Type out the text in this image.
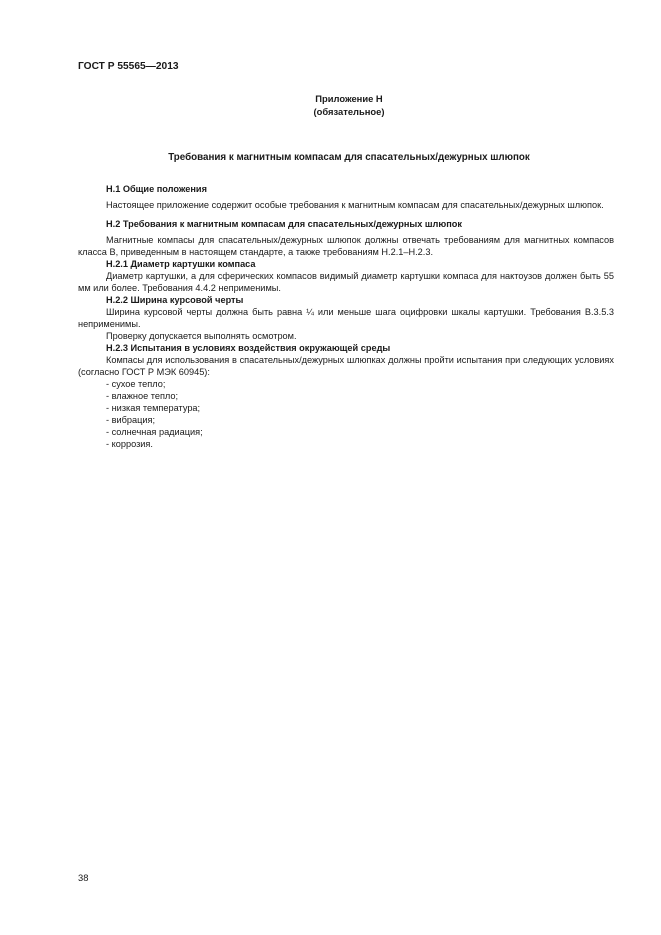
ГОСТ Р 55565—2013
Приложение Н
(обязательное)
Требования к магнитным компасам для спасательных/дежурных шлюпок
Н.1 Общие положения
Настоящее приложение содержит особые требования к магнитным компасам для спасательных/дежурных шлюпок.
Н.2 Требования к магнитным компасам для спасательных/дежурных шлюпок
Магнитные компасы для спасательных/дежурных шлюпок должны отвечать требованиям для магнитных компасов класса В, приведенным в настоящем стандарте, а также требованиям Н.2.1–Н.2.3.
Н.2.1 Диаметр картушки компаса
Диаметр картушки, а для сферических компасов видимый диаметр картушки компаса для нактоузов должен быть 55 мм или более. Требования 4.4.2 неприменимы.
Н.2.2 Ширина курсовой черты
Ширина курсовой черты должна быть равна ¼ или меньше шага оцифровки шкалы картушки. Требования В.3.5.3 неприменимы.
Проверку допускается выполнять осмотром.
Н.2.3 Испытания в условиях воздействия окружающей среды
Компасы для использования в спасательных/дежурных шлюпках должны пройти испытания при следующих условиях (согласно ГОСТ Р МЭК 60945):
- сухое тепло;
- влажное тепло;
- низкая температура;
- вибрация;
- солнечная радиация;
- коррозия.
38
